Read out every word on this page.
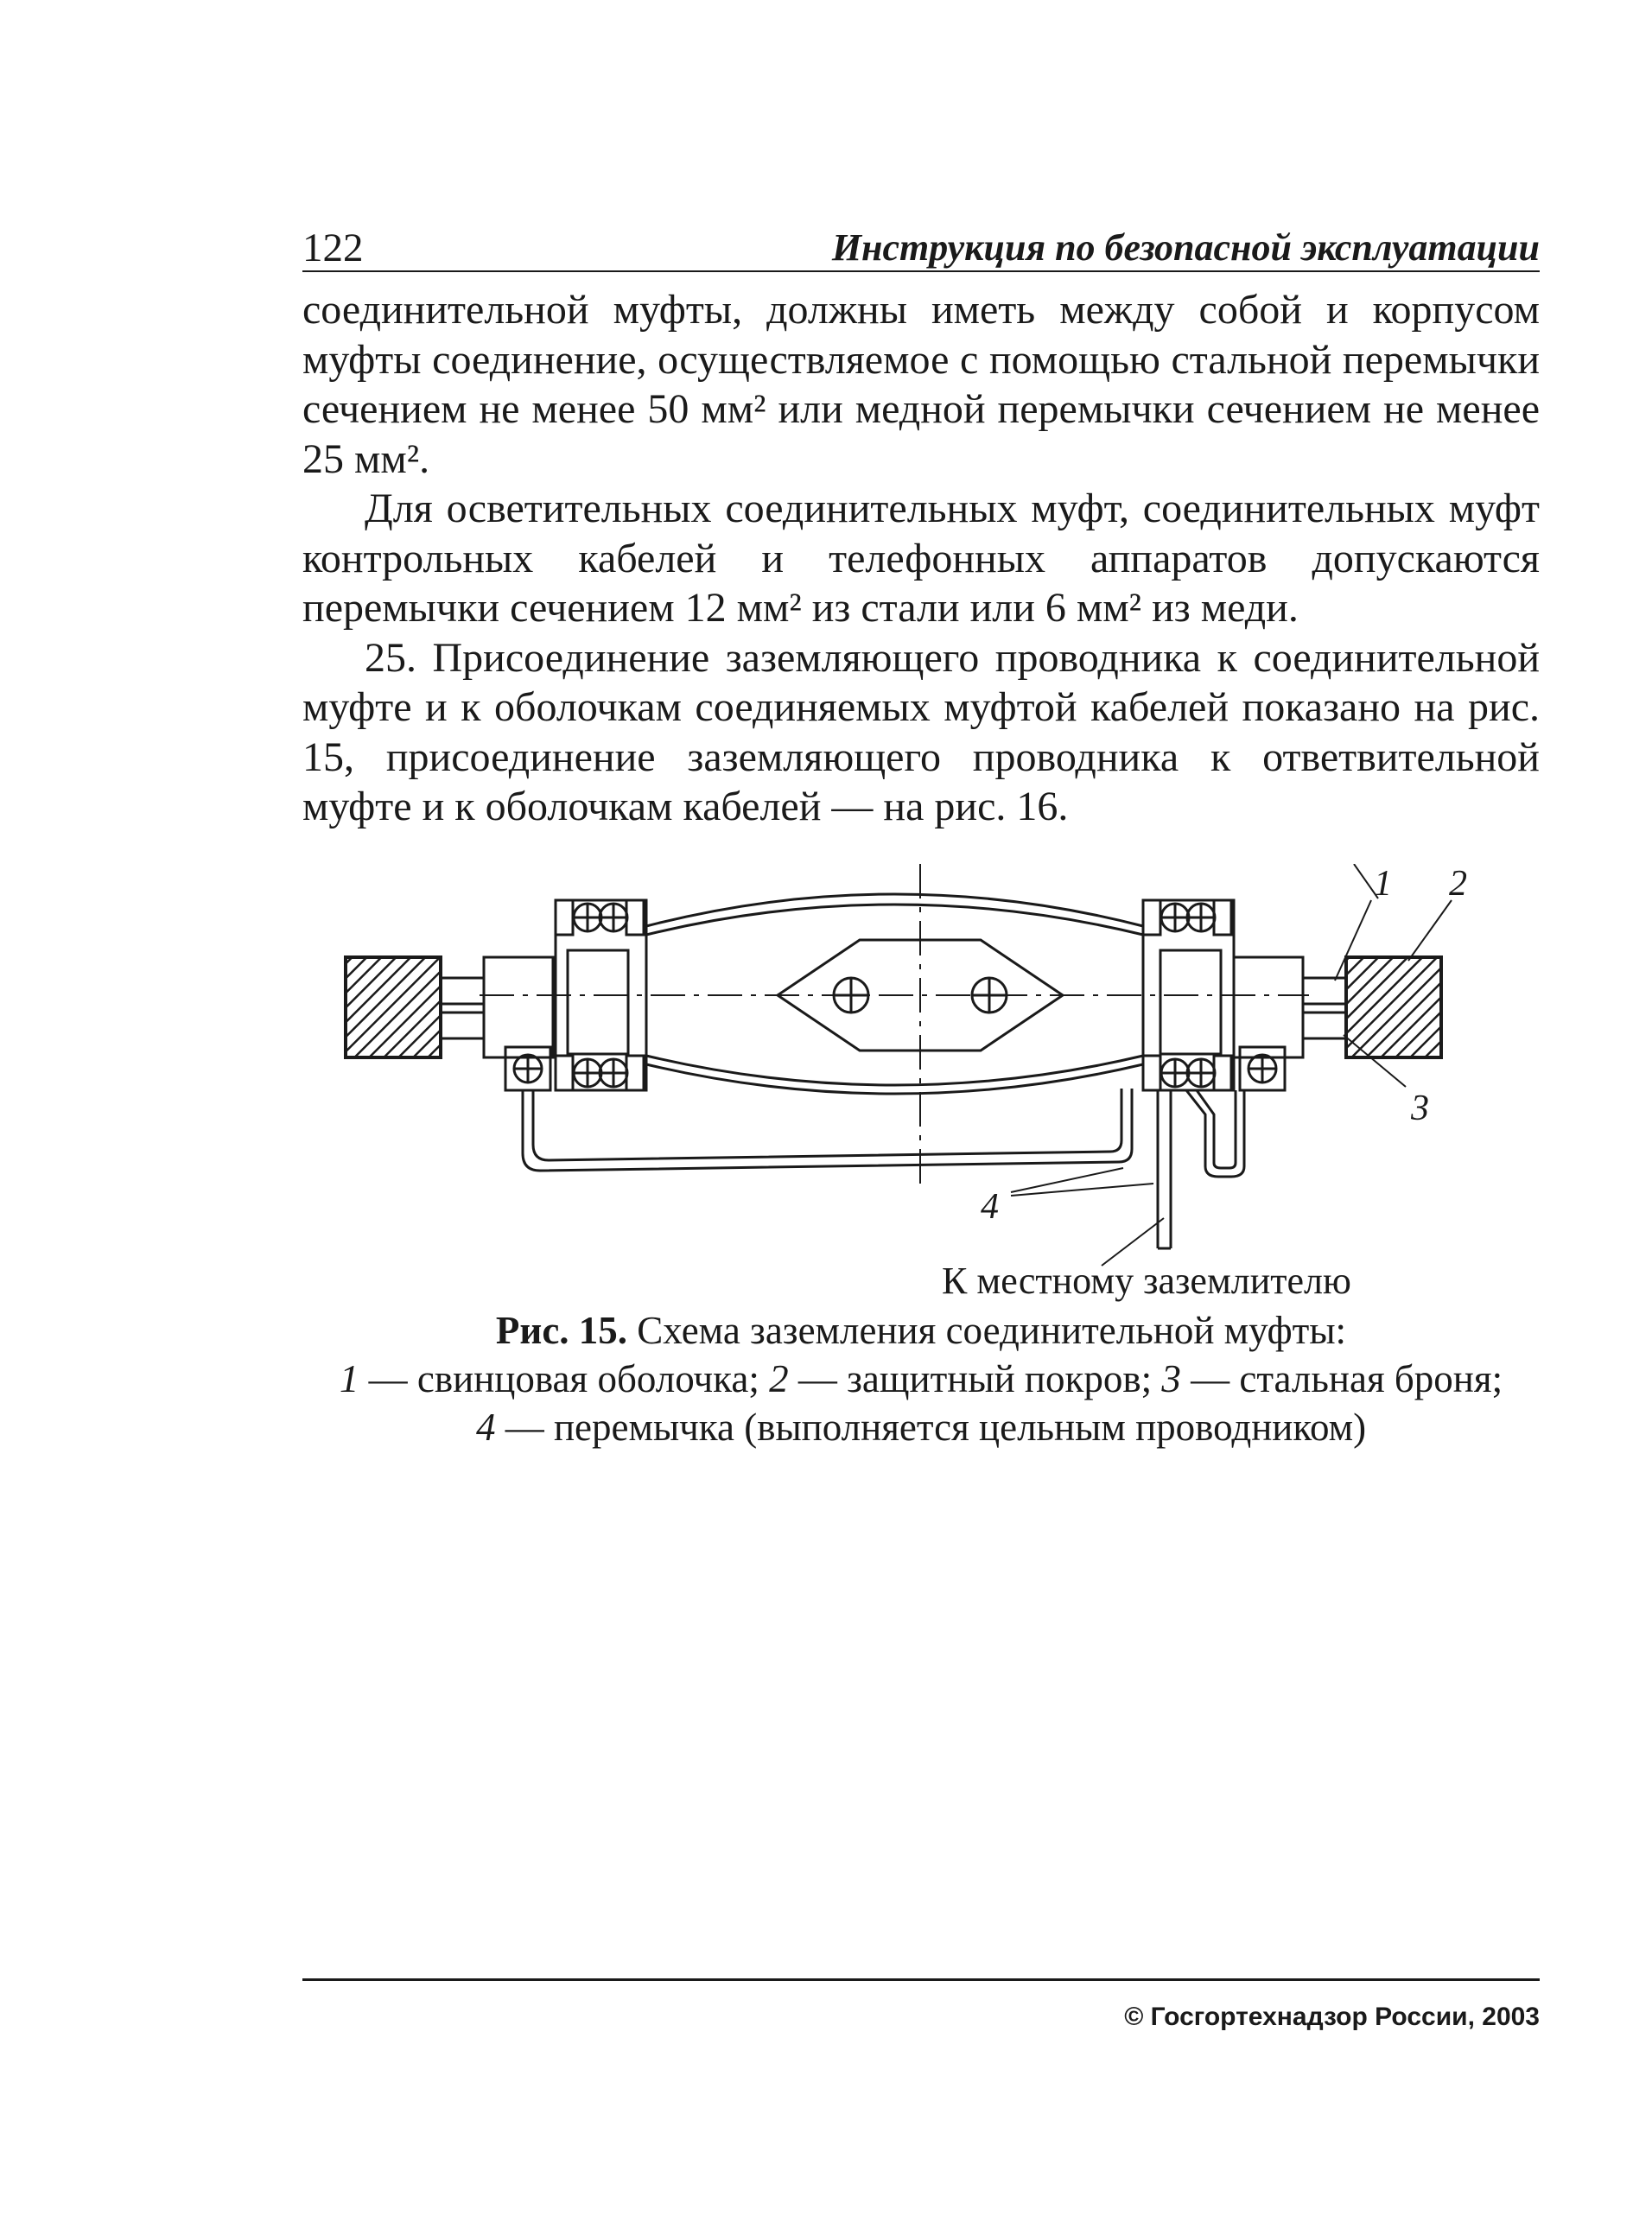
122	Инструкция по безопасной эксплуатации

соединительной муфты, должны иметь между собой и корпусом муфты соединение, осуществляемое с помощью стальной перемычки сечением не менее 50 мм² или медной перемычки сечением не менее 25 мм².

Для осветительных соединительных муфт, соединительных муфт контрольных кабелей и телефонных аппаратов допускаются перемычки сечением 12 мм² из стали или 6 мм² из меди.

25. Присоединение заземляющего проводника к соединительной муфте и к оболочкам соединяемых муфтой кабелей показано на рис. 15, присоединение заземляющего проводника к ответвительной муфте и к оболочкам кабелей — на рис. 16.

1 2
3
4
К местному заземлителю
Рис. 15. Схема заземления соединительной муфты:
1 — свинцовая оболочка; 2 — защитный покров; 3 — стальная броня;
4 — перемычка (выполняется цельным проводником)
© Госгортехнадзор России, 2003
